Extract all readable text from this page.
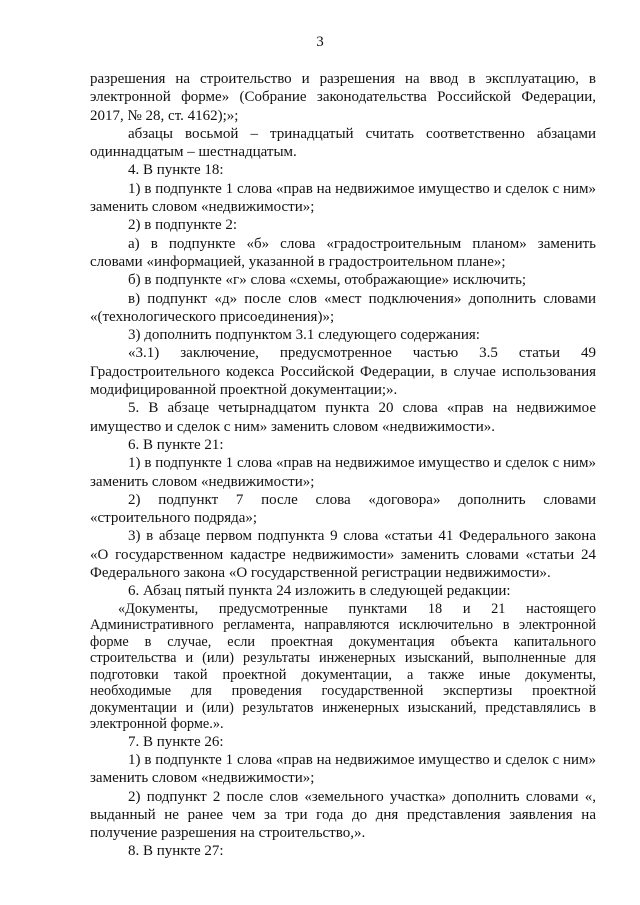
3

разрешения на строительство и разрешения на ввод в эксплуатацию, в электронной форме» (Собрание законодательства Российской Федерации, 2017, № 28, ст. 4162);»;

абзацы восьмой – тринадцатый считать соответственно абзацами одиннадцатым – шестнадцатым.

4. В пункте 18:

1) в подпункте 1 слова «прав на недвижимое имущество и сделок с ним» заменить словом «недвижимости»;

2) в подпункте 2:

а) в подпункте «б» слова «градостроительным планом» заменить словами «информацией, указанной в градостроительном плане»;

б) в подпункте «г» слова «схемы, отображающие» исключить;

в) подпункт «д» после слов «мест подключения» дополнить словами «(технологического присоединения)»;

3) дополнить подпунктом 3.1 следующего содержания:

«3.1) заключение, предусмотренное частью 3.5 статьи 49 Градостроительного кодекса Российской Федерации, в случае использования модифицированной проектной документации;».

5. В абзаце четырнадцатом пункта 20 слова «прав на недвижимое имущество и сделок с ним» заменить словом «недвижимости».

6. В пункте 21:

1) в подпункте 1 слова «прав на недвижимое имущество и сделок с ним» заменить словом «недвижимости»;

2) подпункт 7 после слова «договора» дополнить словами «строительного подряда»;

3) в абзаце первом подпункта 9 слова «статьи 41 Федерального закона «О государственном кадастре недвижимости» заменить словами «статьи 24 Федерального закона «О государственной регистрации недвижимости».

6. Абзац пятый пункта 24 изложить в следующей редакции:

«Документы, предусмотренные пунктами 18 и 21 настоящего Административного регламента, направляются исключительно в электронной форме в случае, если проектная документация объекта капитального строительства и (или) результаты инженерных изысканий, выполненные для подготовки такой проектной документации, а также иные документы, необходимые для проведения государственной экспертизы проектной документации и (или) результатов инженерных изысканий, представлялись в электронной форме.».

7. В пункте 26:

1) в подпункте 1 слова «прав на недвижимое имущество и сделок с ним» заменить словом «недвижимости»;

2) подпункт 2 после слов «земельного участка» дополнить словами «, выданный не ранее чем за три года до дня представления заявления на получение разрешения на строительство,».

8. В пункте 27:
